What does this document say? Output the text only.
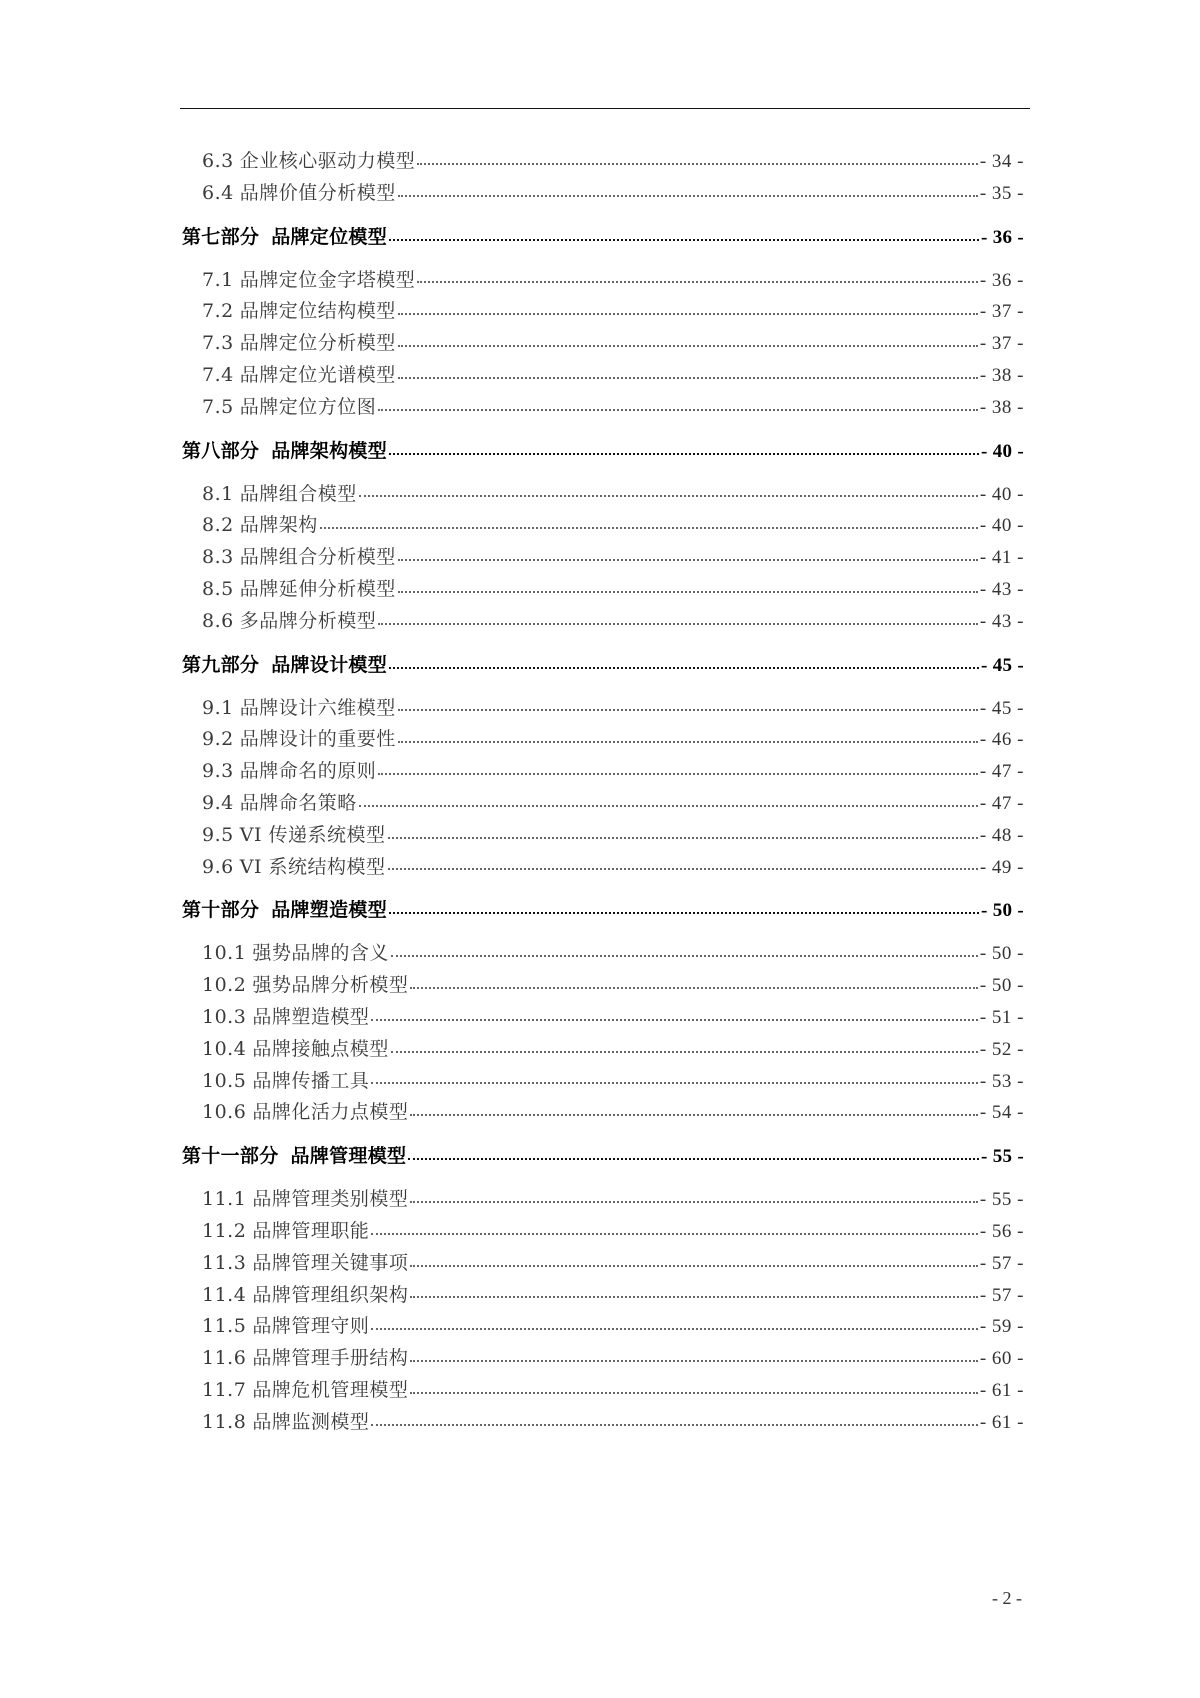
6.3 企业核心驱动力模型	- 34 -
6.4 品牌价值分析模型	- 35 -
第七部分 品牌定位模型	- 36 -
7.1 品牌定位金字塔模型	- 36 -
7.2 品牌定位结构模型	- 37 -
7.3 品牌定位分析模型	- 37 -
7.4 品牌定位光谱模型	- 38 -
7.5 品牌定位方位图	- 38 -
第八部分 品牌架构模型	- 40 -
8.1 品牌组合模型	- 40 -
8.2 品牌架构	- 40 -
8.3 品牌组合分析模型	- 41 -
8.5 品牌延伸分析模型	- 43 -
8.6 多品牌分析模型	- 43 -
第九部分 品牌设计模型	- 45 -
9.1 品牌设计六维模型	- 45 -
9.2 品牌设计的重要性	- 46 -
9.3 品牌命名的原则	- 47 -
9.4 品牌命名策略	- 47 -
9.5 VI 传递系统模型	- 48 -
9.6 VI 系统结构模型	- 49 -
第十部分 品牌塑造模型	- 50 -
10.1 强势品牌的含义	- 50 -
10.2 强势品牌分析模型	- 50 -
10.3 品牌塑造模型	- 51 -
10.4 品牌接触点模型	- 52 -
10.5 品牌传播工具	- 53 -
10.6 品牌化活力点模型	- 54 -
第十一部分 品牌管理模型	- 55 -
11.1 品牌管理类别模型	- 55 -
11.2 品牌管理职能	- 56 -
11.3 品牌管理关键事项	- 57 -
11.4 品牌管理组织架构	- 57 -
11.5 品牌管理守则	- 59 -
11.6 品牌管理手册结构	- 60 -
11.7 品牌危机管理模型	- 61 -
11.8 品牌监测模型	- 61 -
- 2 -
